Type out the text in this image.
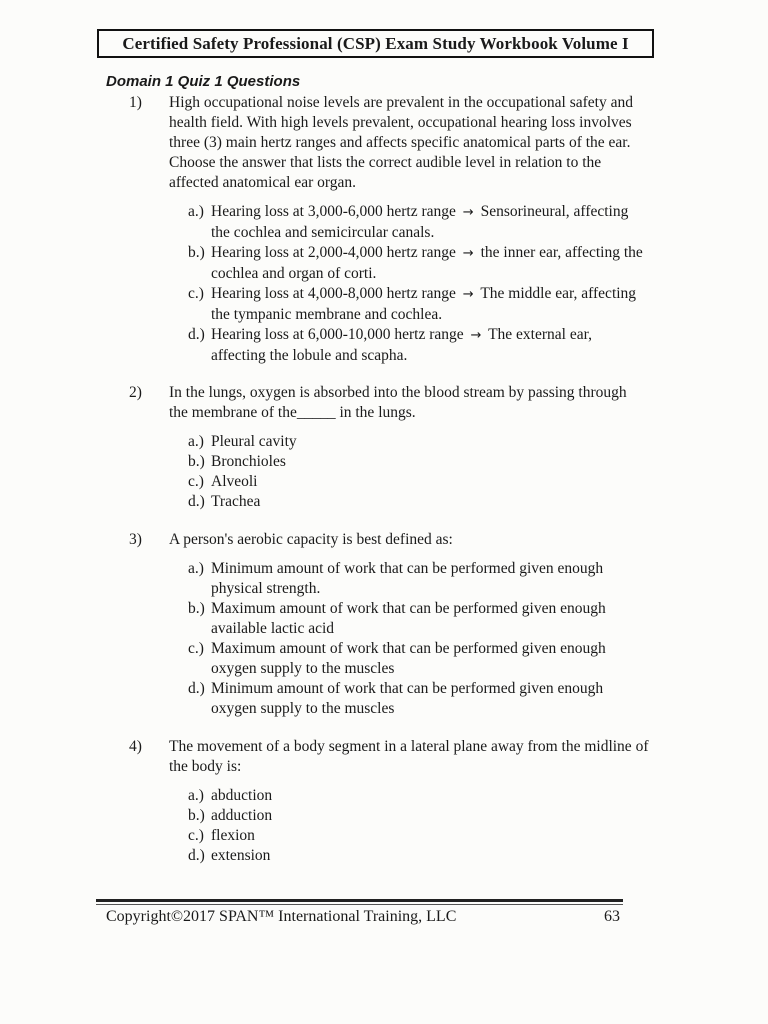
Certified Safety Professional (CSP) Exam Study Workbook Volume I
Domain 1 Quiz 1 Questions
1)	High occupational noise levels are prevalent in the occupational safety and health field. With high levels prevalent, occupational hearing loss involves three (3) main hertz ranges and affects specific anatomical parts of the ear. Choose the answer that lists the correct audible level in relation to the affected anatomical ear organ.
a.) Hearing loss at 3,000-6,000 hertz range → Sensorineural, affecting the cochlea and semicircular canals.
b.) Hearing loss at 2,000-4,000 hertz range → the inner ear, affecting the cochlea and organ of corti.
c.) Hearing loss at 4,000-8,000 hertz range → The middle ear, affecting the tympanic membrane and cochlea.
d.) Hearing loss at 6,000-10,000 hertz range → The external ear, affecting the lobule and scapha.
2)	In the lungs, oxygen is absorbed into the blood stream by passing through the membrane of the_____ in the lungs.
a.) Pleural cavity
b.) Bronchioles
c.) Alveoli
d.) Trachea
3)	A person's aerobic capacity is best defined as:
a.) Minimum amount of work that can be performed given enough physical strength.
b.) Maximum amount of work that can be performed given enough available lactic acid
c.) Maximum amount of work that can be performed given enough oxygen supply to the muscles
d.) Minimum amount of work that can be performed given enough oxygen supply to the muscles
4)	The movement of a body segment in a lateral plane away from the midline of the body is:
a.) abduction
b.) adduction
c.) flexion
d.) extension
Copyright©2017 SPAN™ International Training, LLC	63
